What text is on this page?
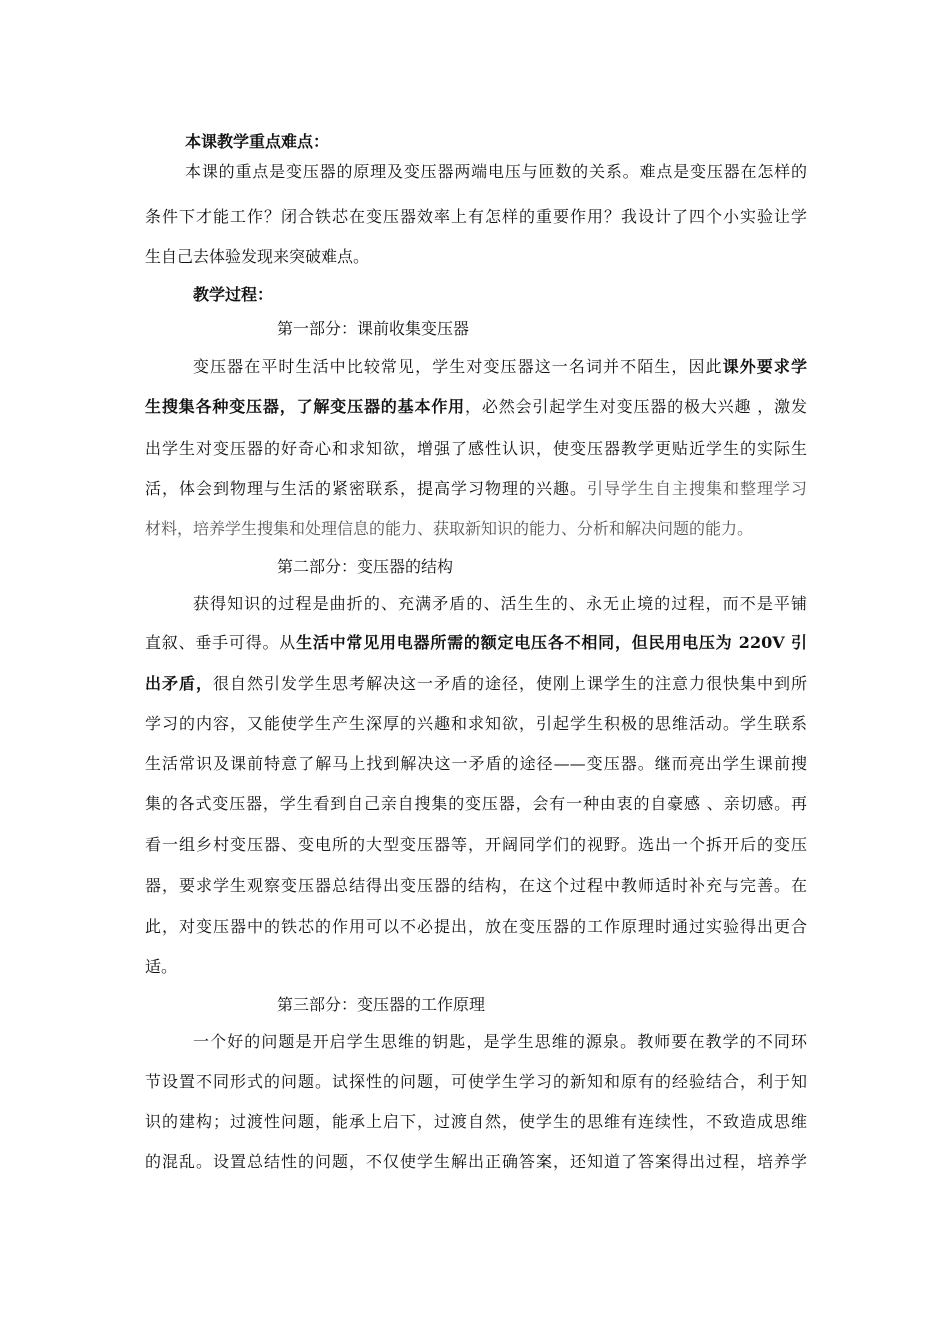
本课教学重点难点：
本课的重点是变压器的原理及变压器两端电压与匝数的关系。难点是变压器在怎样的
条件下才能工作？闭合铁芯在变压器效率上有怎样的重要作用？我设计了四个小实验让学
生自己去体验发现来突破难点。
教学过程：
第一部分：课前收集变压器
变压器在平时生活中比较常见，学生对变压器这一名词并不陌生，因此课外要求学
生搜集各种变压器，了解变压器的基本作用，必然会引起学生对变压器的极大兴趣 ，激发
出学生对变压器的好奇心和求知欲，增强了感性认识，使变压器教学更贴近学生的实际生
活，体会到物理与生活的紧密联系，提高学习物理的兴趣。引导学生自主搜集和整理学习
材料，培养学生搜集和处理信息的能力、获取新知识的能力、分析和解决问题的能力。
第二部分：变压器的结构
获得知识的过程是曲折的、充满矛盾的、活生生的、永无止境的过程，而不是平铺
直叙、垂手可得。从生活中常见用电器所需的额定电压各不相同，但民用电压为 220V 引
出矛盾，很自然引发学生思考解决这一矛盾的途径，使刚上课学生的注意力很快集中到所
学习的内容，又能使学生产生深厚的兴趣和求知欲，引起学生积极的思维活动。学生联系
生活常识及课前特意了解马上找到解决这一矛盾的途径——变压器。继而亮出学生课前搜
集的各式变压器，学生看到自己亲自搜集的变压器，会有一种由衷的自豪感 、亲切感。再
看一组乡村变压器、变电所的大型变压器等，开阔同学们的视野。选出一个拆开后的变压
器，要求学生观察变压器总结得出变压器的结构，在这个过程中教师适时补充与完善。在
此，对变压器中的铁芯的作用可以不必提出，放在变压器的工作原理时通过实验得出更合
适。
第三部分：变压器的工作原理
一个好的问题是开启学生思维的钥匙，是学生思维的源泉。教师要在教学的不同环
节设置不同形式的问题。试探性的问题，可使学生学习的新知和原有的经验结合，利于知
识的建构；过渡性问题，能承上启下，过渡自然，使学生的思维有连续性，不致造成思维
的混乱。设置总结性的问题，不仅使学生解出正确答案，还知道了答案得出过程，培养学
